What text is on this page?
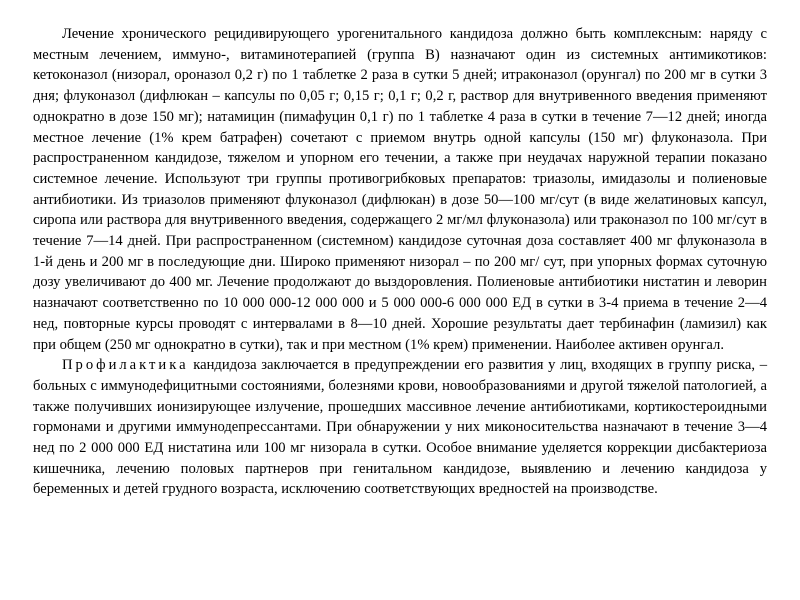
Лечение хронического рецидивирующего урогенитального кандидоза должно быть комплексным: наряду с местным лечением, иммуно-, витаминотерапией (группа В) назначают один из системных антимикотиков: кетоконазол (низорал, ороназол 0,2 г) по 1 таблетке 2 раза в сутки 5 дней; итраконазол (орунгал) по 200 мг в сутки 3 дня; флуконазол (дифлюкан – капсулы по 0,05 г; 0,15 г; 0,1 г; 0,2 г, раствор для внутривенного введения применяют однократно в дозе 150 мг); натамицин (пимафуцин 0,1 г) по 1 таблетке 4 раза в сутки в течение 7—12 дней; иногда местное лечение (1% крем батрафен) сочетают с приемом внутрь одной капсулы (150 мг) флуконазола. При распространенном кандидозе, тяжелом и упорном его течении, а также при неудачах наружной терапии показано системное лечение. Используют три группы противогрибковых препаратов: триазолы, имидазолы и полиеновые антибиотики. Из триазолов применяют флуконазол (дифлюкан) в дозе 50—100 мг/сут (в виде желатиновых капсул, сиропа или раствора для внутривенного введения, содержащего 2 мг/мл флуконазола) или траконазол по 100 мг/сут в течение 7—14 дней. При распространенном (системном) кандидозе суточная доза составляет 400 мг флуконазола в 1-й день и 200 мг в последующие дни. Широко применяют низорал – по 200 мг/ сут, при упорных формах суточную дозу увеличивают до 400 мг. Лечение продолжают до выздоровления. Полиеновые антибиотики нистатин и леворин назначают соответственно по 10 000 000-12 000 000 и 5 000 000-6 000 000 ЕД в сутки в 3-4 приема в течение 2—4 нед, повторные курсы проводят с интервалами в 8—10 дней. Хорошие результаты дает тербинафин (ламизил) как при общем (250 мг однократно в сутки), так и при местном (1% крем) применении. Наиболее активен орунгал.

Профилактика кандидоза заключается в предупреждении его развития у лиц, входящих в группу риска, – больных с иммунодефицитными состояниями, болезнями крови, новообразованиями и другой тяжелой патологией, а также получивших ионизирующее излучение, прошедших массивное лечение антибиотиками, кортикостероидными гормонами и другими иммунодепрессантами. При обнаружении у них миконосительства назначают в течение 3—4 нед по 2 000 000 ЕД нистатина или 100 мг низорала в сутки. Особое внимание уделяется коррекции дисбактериоза кишечника, лечению половых партнеров при генитальном кандидозе, выявлению и лечению кандидоза у беременных и детей грудного возраста, исключению соответствующих вредностей на производстве.
